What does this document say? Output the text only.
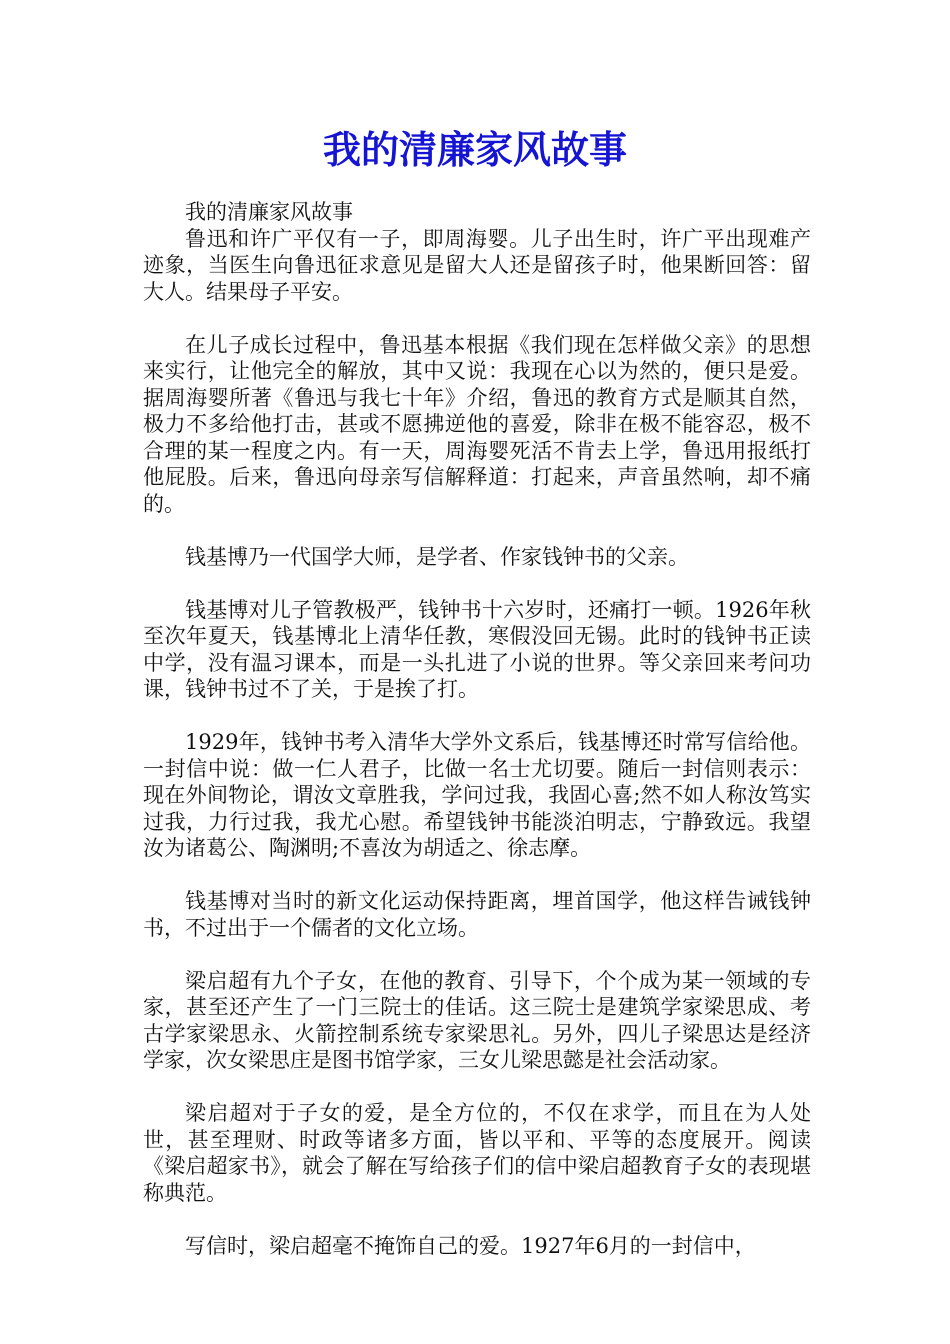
我的清廉家风故事

我的清廉家风故事

鲁迅和许广平仅有一子，即周海婴。儿子出生时，许广平出现难产迹象，当医生向鲁迅征求意见是留大人还是留孩子时，他果断回答：留大人。结果母子平安。

在儿子成长过程中，鲁迅基本根据《我们现在怎样做父亲》的思想来实行，让他完全的解放，其中又说：我现在心以为然的，便只是爱。据周海婴所著《鲁迅与我七十年》介绍，鲁迅的教育方式是顺其自然，极力不多给他打击，甚或不愿拂逆他的喜爱，除非在极不能容忍，极不合理的某一程度之内。有一天，周海婴死活不肯去上学，鲁迅用报纸打他屁股。后来，鲁迅向母亲写信解释道：打起来，声音虽然响，却不痛的。

钱基博乃一代国学大师，是学者、作家钱钟书的父亲。

钱基博对儿子管教极严，钱钟书十六岁时，还痛打一顿。1926年秋至次年夏天，钱基博北上清华任教，寒假没回无锡。此时的钱钟书正读中学，没有温习课本，而是一头扎进了小说的世界。等父亲回来考问功课，钱钟书过不了关，于是挨了打。

1929年，钱钟书考入清华大学外文系后，钱基博还时常写信给他。一封信中说：做一仁人君子，比做一名士尤切要。随后一封信则表示：现在外间物论，谓汝文章胜我，学问过我，我固心喜;然不如人称汝笃实过我，力行过我，我尤心慰。希望钱钟书能淡泊明志，宁静致远。我望汝为诸葛公、陶渊明;不喜汝为胡适之、徐志摩。

钱基博对当时的新文化运动保持距离，埋首国学，他这样告诫钱钟书，不过出于一个儒者的文化立场。

梁启超有九个子女，在他的教育、引导下，个个成为某一领域的专家，甚至还产生了一门三院士的佳话。这三院士是建筑学家梁思成、考古学家梁思永、火箭控制系统专家梁思礼。另外，四儿子梁思达是经济学家，次女梁思庄是图书馆学家，三女儿梁思懿是社会活动家。

梁启超对于子女的爱，是全方位的，不仅在求学，而且在为人处世，甚至理财、时政等诸多方面，皆以平和、平等的态度展开。阅读《梁启超家书》，就会了解在写给孩子们的信中梁启超教育子女的表现堪称典范。

写信时，梁启超毫不掩饰自己的爱。1927年6月的一封信中，
